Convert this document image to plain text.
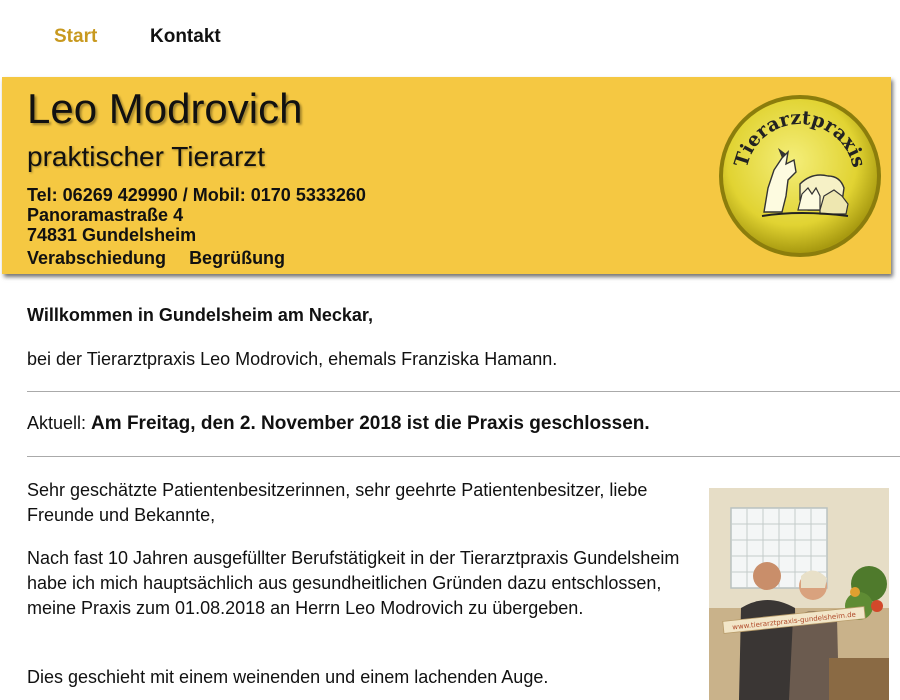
Start	Kontakt
Leo Modrovich
praktischer Tierarzt
Tel: 06269 429990 / Mobil: 0170 5333260
Panoramastraße 4
74831 Gundelsheim
Verabschiedung Begrüßung
Tierarztpraxis
Willkommen in Gundelsheim am Neckar,
bei der Tierarztpraxis Leo Modrovich, ehemals Franziska Hamann.
Aktuell: Am Freitag, den 2. November 2018 ist die Praxis geschlossen.

Sehr geschätzte Patientenbesitzerinnen, sehr geehrte Patientenbesitzer, liebe Freunde und Bekannte,

Nach fast 10 Jahren ausgefüllter Berufstätigkeit in der Tierarztpraxis Gundelsheim habe ich mich hauptsächlich aus gesundheitlichen Gründen dazu entschlossen, meine Praxis zum 01.08.2018 an Herrn Leo Modrovich zu übergeben.

Dies geschieht mit einem weinenden und einem lachenden Auge.

www.tierarztpraxis-gundelsheim.de
